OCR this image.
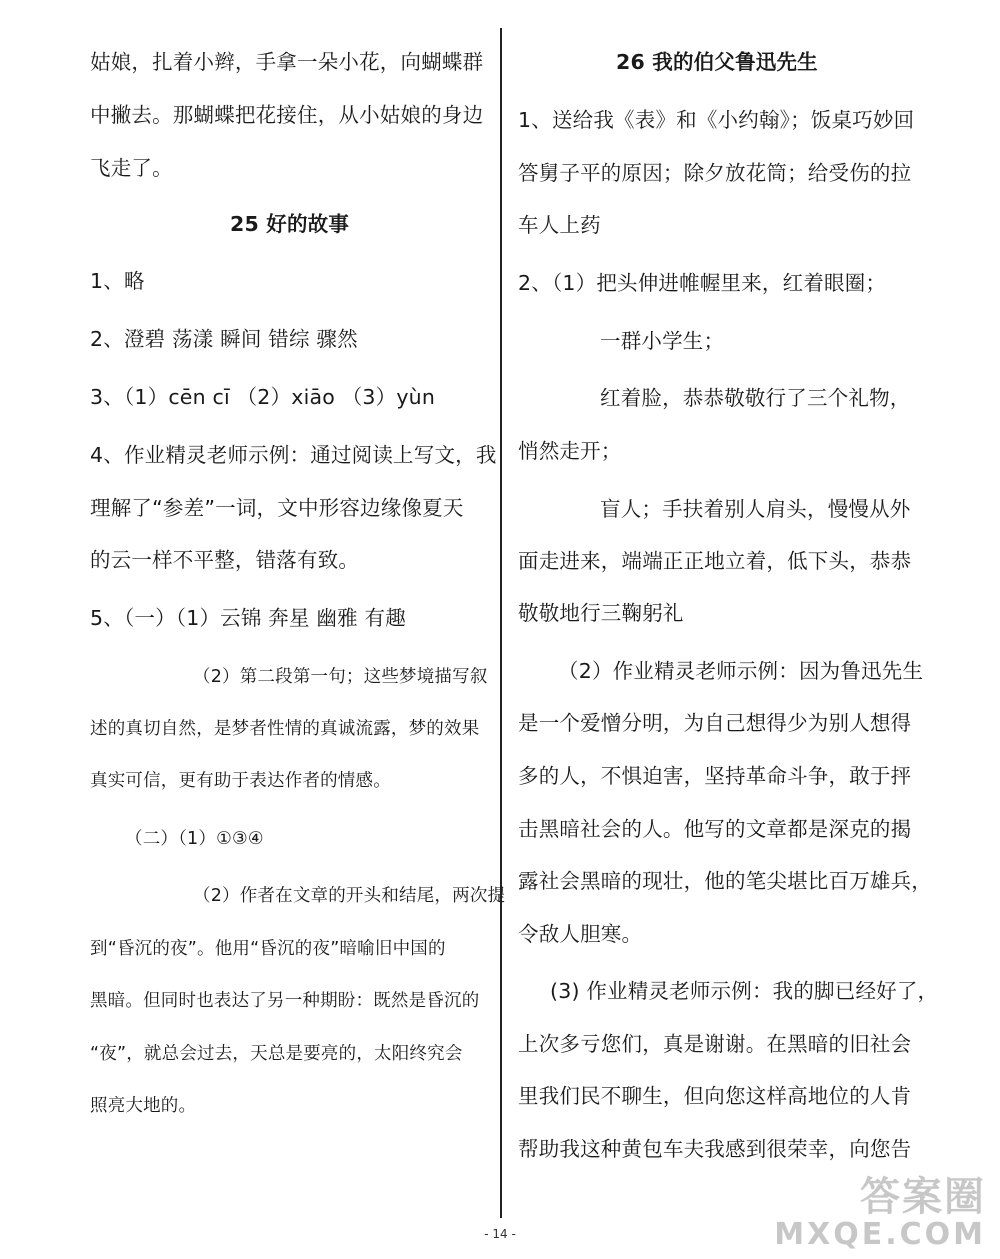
姑娘，扎着小辫，手拿一朵小花，向蝴蝶群
中撇去。那蝴蝶把花接住，从小姑娘的身边
飞走了。
25 好的故事
1、略
2、澄碧 荡漾 瞬间 错综 骤然
3、（1）cēn cī （2）xiāo （3）yùn
4、作业精灵老师示例：通过阅读上写文，我
理解了“参差”一词，文中形容边缘像夏天
的云一样不平整，错落有致。
5、（一）（1）云锦 奔星 幽雅 有趣
（2）第二段第一句；这些梦境描写叙
述的真切自然，是梦者性情的真诚流露，梦的效果
真实可信，更有助于表达作者的情感。
（二）（1）①③④
（2）作者在文章的开头和结尾，两次提
到“昏沉的夜”。他用“昏沉的夜”暗喻旧中国的
黑暗。但同时也表达了另一种期盼：既然是昏沉的
“夜”，就总会过去，天总是要亮的，太阳终究会
照亮大地的。
26 我的伯父鲁迅先生
1、送给我《表》和《小约翰》；饭桌巧妙回
答舅子平的原因；除夕放花筒；给受伤的拉
车人上药
2、（1）把头伸进帷幄里来，红着眼圈；
一群小学生；
红着脸，恭恭敬敬行了三个礼物，
悄然走开；
盲人；手扶着别人肩头，慢慢从外
面走进来，端端正正地立着，低下头，恭恭
敬敬地行三鞠躬礼
（2）作业精灵老师示例：因为鲁迅先生
是一个爱憎分明，为自己想得少为别人想得
多的人，不惧迫害，坚持革命斗争，敢于抨
击黑暗社会的人。他写的文章都是深克的揭
露社会黑暗的现壮，他的笔尖堪比百万雄兵，
令敌人胆寒。
(3) 作业精灵老师示例：我的脚已经好了，
上次多亏您们，真是谢谢。在黑暗的旧社会
里我们民不聊生，但向您这样高地位的人肯
帮助我这种黄包车夫我感到很荣幸，向您告
- 14 -
答案圈
MXQE.COM
